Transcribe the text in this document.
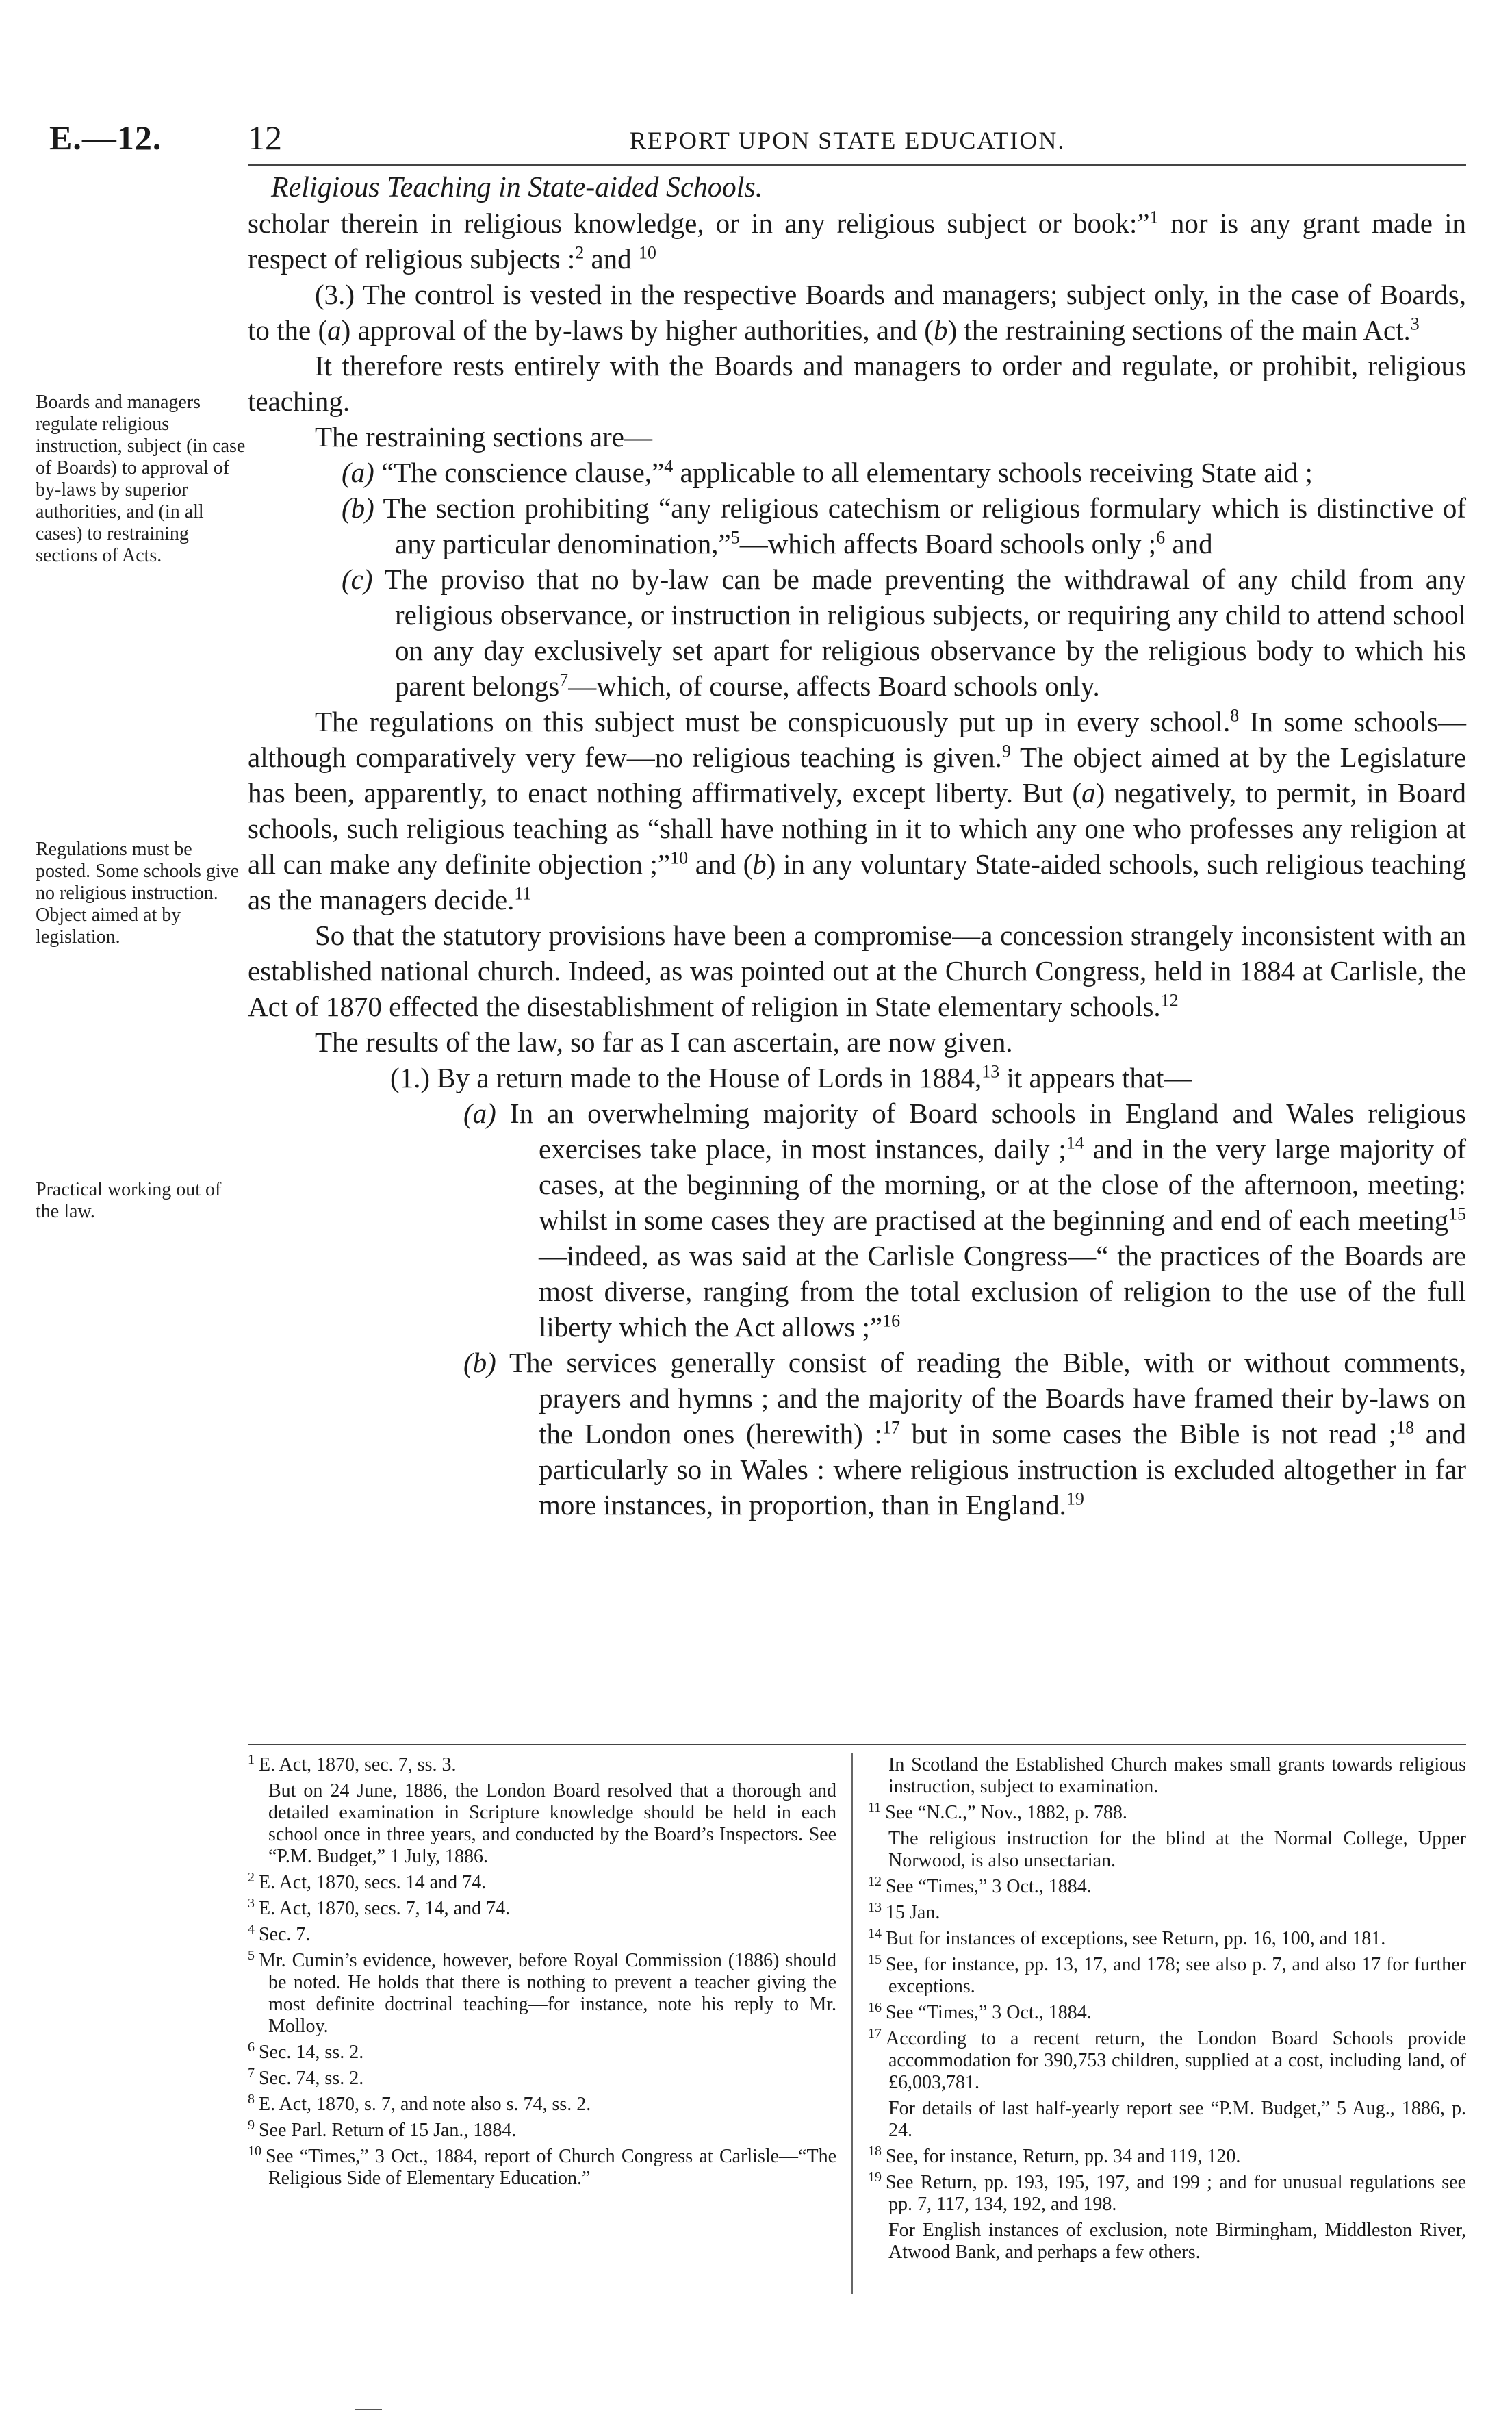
E.—12.	12	REPORT UPON STATE EDUCATION.
Religious Teaching in State-aided Schools.
Boards and managers regulate religious instruction, subject (in case of Boards) to approval of by-laws by superior authorities, and (in all cases) to restraining sections of Acts.
Regulations must be posted. Some schools give no religious instruction. Object aimed at by legislation.
Practical working out of the law.

scholar therein in religious knowledge, or in any religious subject or book:”$^1$ nor is any grant made in respect of religious subjects :$^2$ and $^{10}$

(3.) The control is vested in the respective Boards and managers; subject only, in the case of Boards, to the (a) approval of the by-laws by higher authorities, and (b) the restraining sections of the main Act.$^3$

It therefore rests entirely with the Boards and managers to order and regulate, or prohibit, religious teaching.

The restraining sections are—

(a) “The conscience clause,”$^4$ applicable to all elementary schools receiving State aid ;

(b) The section prohibiting “any religious catechism or religious formulary which is distinctive of any particular denomination,”$^5$—which affects Board schools only ;$^6$ and

(c) The proviso that no by-law can be made preventing the withdrawal of any child from any religious observance, or instruction in religious subjects, or requiring any child to attend school on any day exclusively set apart for religious observance by the religious body to which his parent belongs$^7$—which, of course, affects Board schools only.

The regulations on this subject must be conspicuously put up in every school.$^8$ In some schools—although comparatively very few—no religious teaching is given.$^9$ The object aimed at by the Legislature has been, apparently, to enact nothing affirmatively, except liberty. But (a) negatively, to permit, in Board schools, such religious teaching as “shall have nothing in it to which any one who professes any religion at all can make any definite objection ;”$^{10}$ and (b) in any voluntary State-aided schools, such religious teaching as the managers decide.$^{11}$

So that the statutory provisions have been a compromise—a concession strangely inconsistent with an established national church. Indeed, as was pointed out at the Church Congress, held in 1884 at Carlisle, the Act of 1870 effected the disestablishment of religion in State elementary schools.$^{12}$

The results of the law, so far as I can ascertain, are now given.

(1.) By a return made to the House of Lords in 1884,13 it appears that—

(a) In an overwhelming majority of Board schools in England and Wales religious exercises take place, in most instances, daily ;$^{14}$ and in the very large majority of cases, at the beginning of the morning, or at the close of the afternoon, meeting: whilst in some cases they are practised at the beginning and end of each meeting$^{15}$—indeed, as was said at the Carlisle Congress—“ the practices of the Boards are most diverse, ranging from the total exclusion of religion to the use of the full liberty which the Act allows ;”$^{16}$

(b) The services generally consist of reading the Bible, with or without comments, prayers and hymns ; and the majority of the Boards have framed their by-laws on the London ones (herewith) :$^{17}$ but in some cases the Bible is not read ;$^{18}$ and particularly so in Wales : where religious instruction is excluded altogether in far more instances, in proportion, than in England.$^{19}$

$^1$ E. Act, 1870, sec. 7, ss. 3.

But on 24 June, 1886, the London Board resolved that a thorough and detailed examination in Scripture knowledge should be held in each school once in three years, and conducted by the Board’s Inspectors. See “P.M. Budget,” 1 July, 1886.

$^2$ E. Act, 1870, secs. 14 and 74.

$^3$ E. Act, 1870, secs. 7, 14, and 74.

$^4$ Sec. 7.

$^5$ Mr. Cumin’s evidence, however, before Royal Commission (1886) should be noted. He holds that there is nothing to prevent a teacher giving the most definite doctrinal teaching—for instance, note his reply to Mr. Molloy.

$^6$ Sec. 14, ss. 2.

$^7$ Sec. 74, ss. 2.

$^8$ E. Act, 1870, s. 7, and note also s. 74, ss. 2.

$^9$ See Parl. Return of 15 Jan., 1884.

$^{10}$ See “Times,” 3 Oct., 1884, report of Church Congress at Carlisle—“The Religious Side of Elementary Education.”

In Scotland the Established Church makes small grants towards religious instruction, subject to examination.

$^{11}$ See “N.C.,” Nov., 1882, p. 788.

The religious instruction for the blind at the Normal College, Upper Norwood, is also unsectarian.

$^{12}$ See “Times,” 3 Oct., 1884.

$^{13}$ 15 Jan.

$^{14}$ But for instances of exceptions, see Return, pp. 16, 100, and 181.

$^{15}$ See, for instance, pp. 13, 17, and 178; see also p. 7, and also 17 for further exceptions.

$^{16}$ See “Times,” 3 Oct., 1884.

$^{17}$ According to a recent return, the London Board Schools provide accommodation for 390,753 children, supplied at a cost, including land, of £6,003,781.

For details of last half-yearly report see “P.M. Budget,” 5 Aug., 1886, p. 24.

$^{18}$ See, for instance, Return, pp. 34 and 119, 120.

$^{19}$ See Return, pp. 193, 195, 197, and 199 ; and for unusual regulations see pp. 7, 117, 134, 192, and 198.

For English instances of exclusion, note Birmingham, Middleston River, Atwood Bank, and perhaps a few others.
